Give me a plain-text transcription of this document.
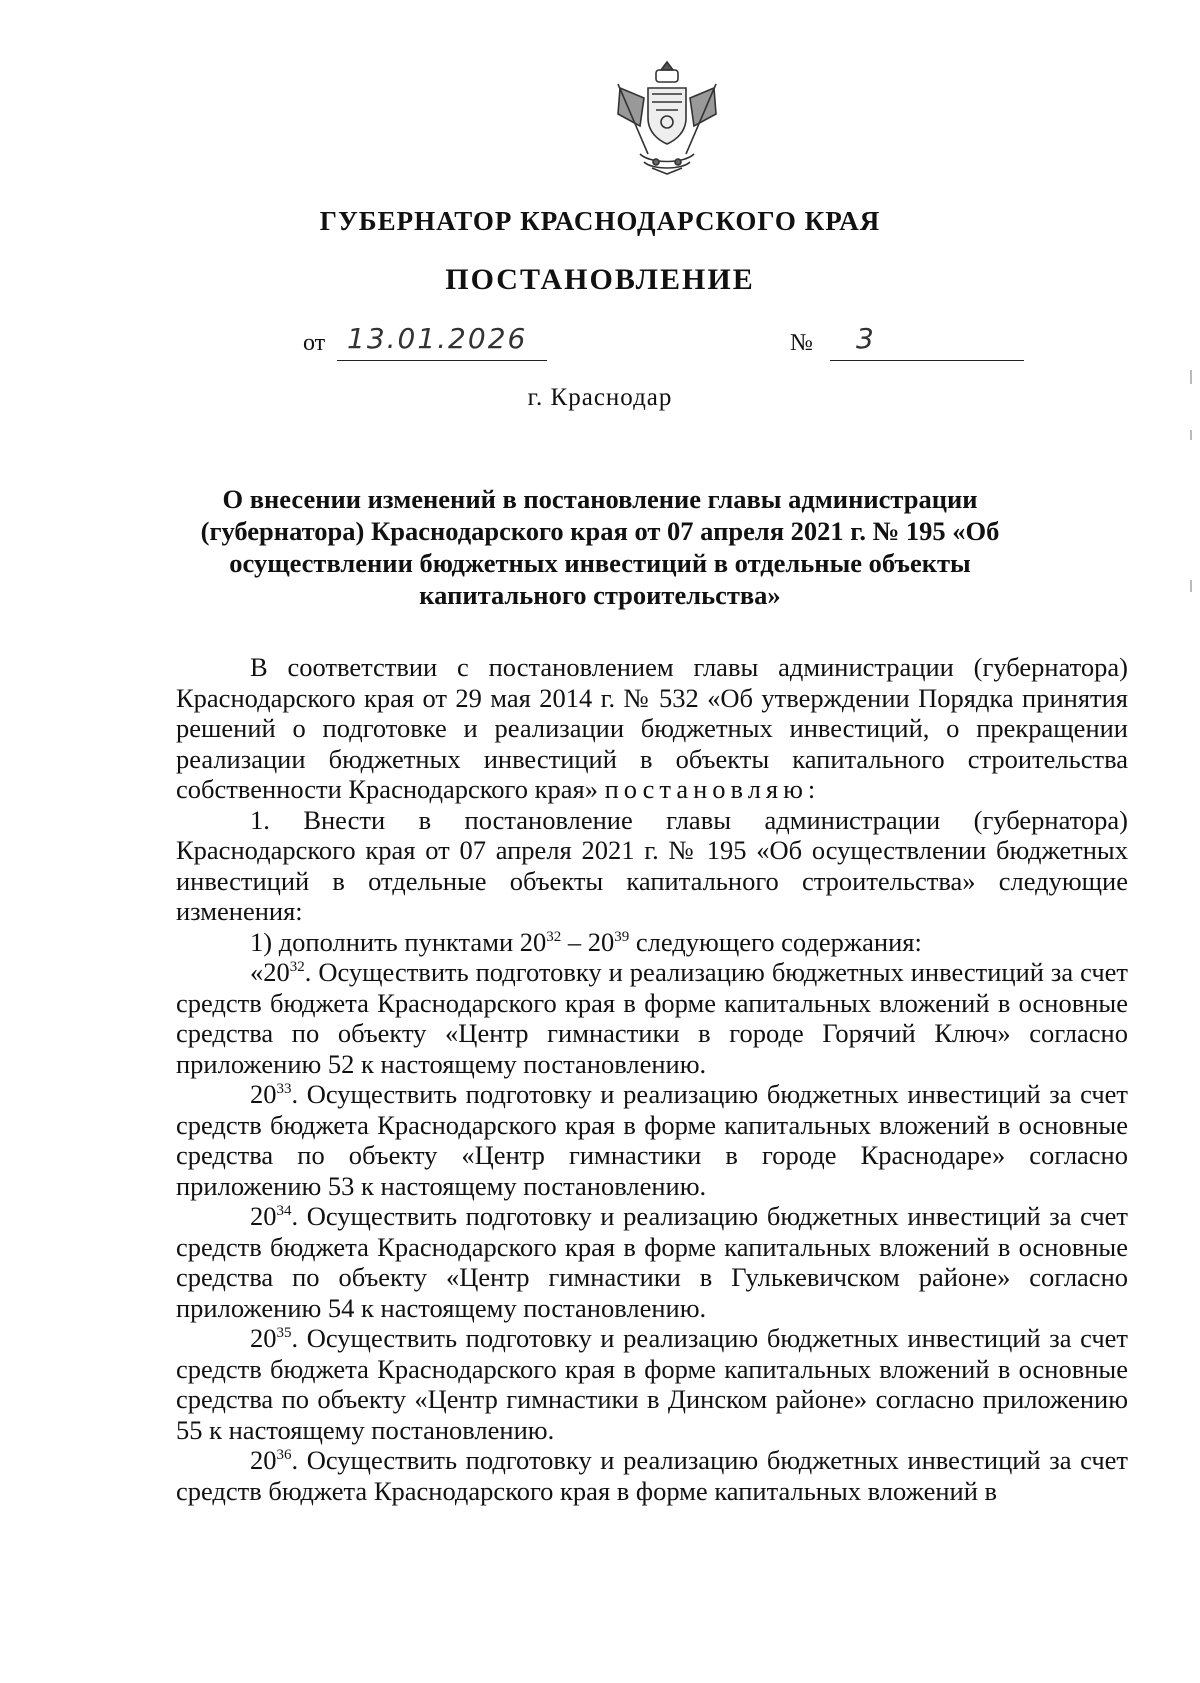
ГУБЕРНАТОР КРАСНОДАРСКОГО КРАЯ
ПОСТАНОВЛЕНИЕ
от 13.01.2026	№ 3
г. Краснодар
О внесении изменений в постановление главы администрации (губернатора) Краснодарского края от 07 апреля 2021 г. № 195 «Об осуществлении бюджетных инвестиций в отдельные объекты капитального строительства»

В соответствии с постановлением главы администрации (губернатора) Краснодарского края от 29 мая 2014 г. № 532 «Об утверждении Порядка принятия решений о подготовке и реализации бюджетных инвестиций, о прекращении реализации бюджетных инвестиций в объекты капитального строительства собственности Краснодарского края» постановляю:

1. Внести в постановление главы администрации (губернатора) Краснодарского края от 07 апреля 2021 г. № 195 «Об осуществлении бюджетных инвестиций в отдельные объекты капитального строительства» следующие изменения:

1) дополнить пунктами $20^{32} - 20^{39}$ следующего содержания:

«$20^{32}$. Осуществить подготовку и реализацию бюджетных инвестиций за счет средств бюджета Краснодарского края в форме капитальных вложений в основные средства по объекту «Центр гимнастики в городе Горячий Ключ» согласно приложению 52 к настоящему постановлению.

$20^{33}$. Осуществить подготовку и реализацию бюджетных инвестиций за счет средств бюджета Краснодарского края в форме капитальных вложений в основные средства по объекту «Центр гимнастики в городе Краснодаре» согласно приложению 53 к настоящему постановлению.

$20^{34}$. Осуществить подготовку и реализацию бюджетных инвестиций за счет средств бюджета Краснодарского края в форме капитальных вложений в основные средства по объекту «Центр гимнастики в Гулькевичском районе» согласно приложению 54 к настоящему постановлению.

$20^{35}$. Осуществить подготовку и реализацию бюджетных инвестиций за счет средств бюджета Краснодарского края в форме капитальных вложений в основные средства по объекту «Центр гимнастики в Динском районе» согласно приложению 55 к настоящему постановлению.

$20^{36}$. Осуществить подготовку и реализацию бюджетных инвестиций за счет средств бюджета Краснодарского края в форме капитальных вложений в
